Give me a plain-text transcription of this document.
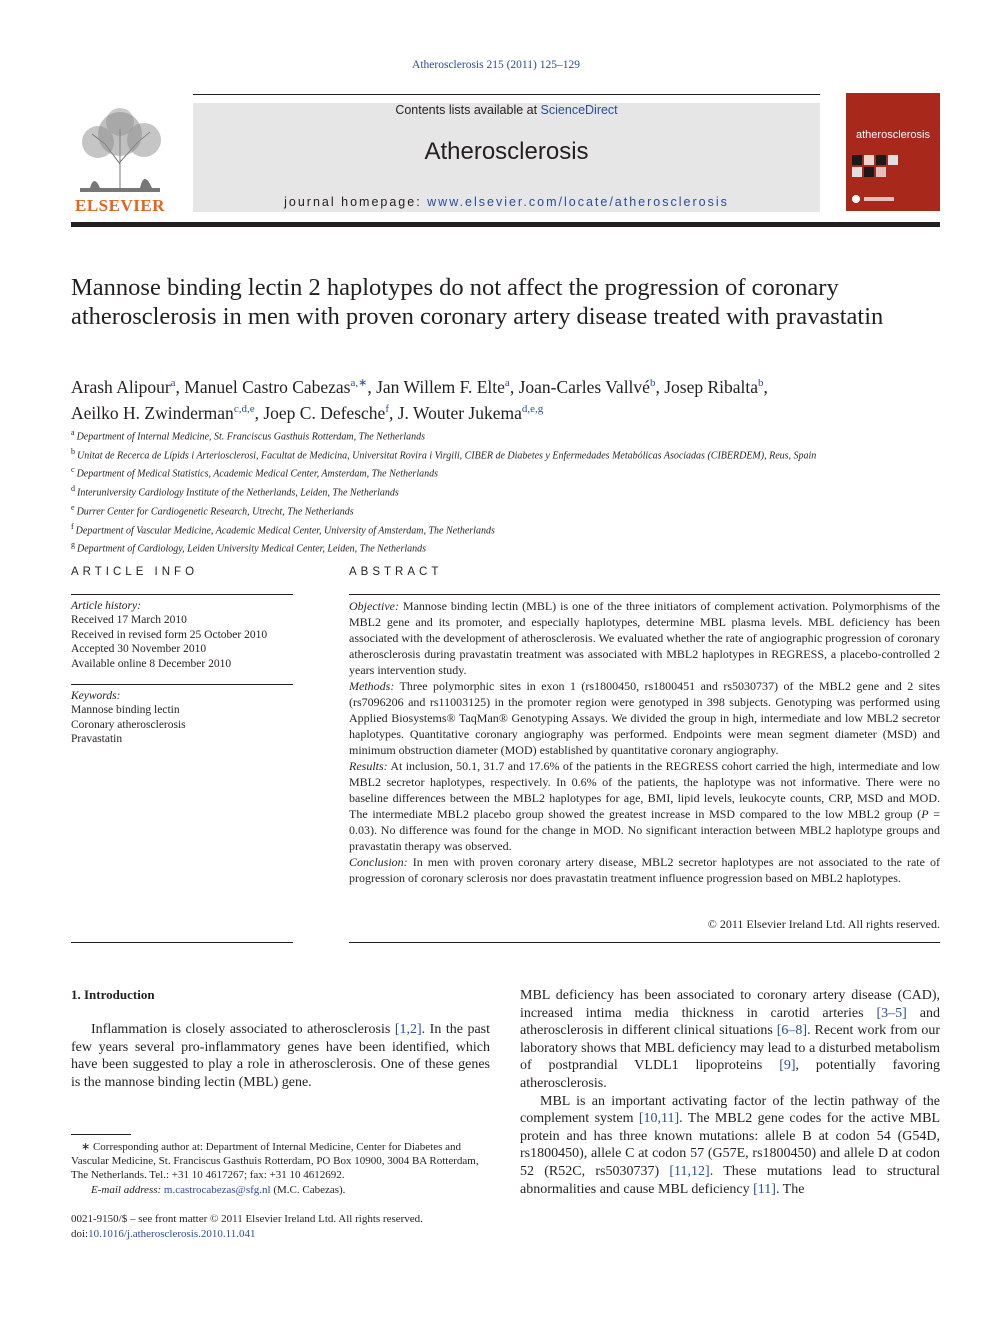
Atherosclerosis 215 (2011) 125–129
ELSEVIER
Contents lists available at ScienceDirect
Atherosclerosis
journal homepage: www.elsevier.com/locate/atherosclerosis
atherosclerosis
Mannose binding lectin 2 haplotypes do not affect the progression of coronary atherosclerosis in men with proven coronary artery disease treated with pravastatin
Arash Alipour$^a$, Manuel Castro Cabezas$^{a,∗}$, Jan Willem F. Elte$^a$, Joan-Carles Vallvé$^b$, Josep Ribalta$^b$,
Aeilko H. Zwinderman$^{c,d,e}$, Joep C. Defesche$^f$, J. Wouter Jukema$^{d,e,g}$
$^a$ Department of Internal Medicine, St. Franciscus Gasthuis Rotterdam, The Netherlands
$^b$ Unitat de Recerca de Lípids i Arteriosclerosi, Facultat de Medicina, Universitat Rovira i Virgili, CIBER de Diabetes y Enfermedades Metabólicas Asociadas (CIBERDEM), Reus, Spain
$^c$ Department of Medical Statistics, Academic Medical Center, Amsterdam, The Netherlands
$^d$ Interuniversity Cardiology Institute of the Netherlands, Leiden, The Netherlands
$^e$ Durrer Center for Cardiogenetic Research, Utrecht, The Netherlands
$^f$ Department of Vascular Medicine, Academic Medical Center, University of Amsterdam, The Netherlands
$^g$ Department of Cardiology, Leiden University Medical Center, Leiden, The Netherlands
ARTICLE INFO
Article history:
Received 17 March 2010
Received in revised form 25 October 2010
Accepted 30 November 2010
Available online 8 December 2010
Keywords:
Mannose binding lectin
Coronary atherosclerosis
Pravastatin
ABSTRACT

Objective: Mannose binding lectin (MBL) is one of the three initiators of complement activation. Polymorphisms of the MBL2 gene and its promoter, and especially haplotypes, determine MBL plasma levels. MBL deficiency has been associated with the development of atherosclerosis. We evaluated whether the rate of angiographic progression of coronary atherosclerosis during pravastatin treatment was associated with MBL2 haplotypes in REGRESS, a placebo-controlled 2 years intervention study.

Methods: Three polymorphic sites in exon 1 (rs1800450, rs1800451 and rs5030737) of the MBL2 gene and 2 sites (rs7096206 and rs11003125) in the promoter region were genotyped in 398 subjects. Genotyping was performed using Applied Biosystems® TaqMan® Genotyping Assays. We divided the group in high, intermediate and low MBL2 secretor haplotypes. Quantitative coronary angiography was performed. Endpoints were mean segment diameter (MSD) and minimum obstruction diameter (MOD) established by quantitative coronary angiography.

Results: At inclusion, 50.1, 31.7 and 17.6% of the patients in the REGRESS cohort carried the high, intermediate and low MBL2 secretor haplotypes, respectively. In 0.6% of the patients, the haplotype was not informative. There were no baseline differences between the MBL2 haplotypes for age, BMI, lipid levels, leukocyte counts, CRP, MSD and MOD. The intermediate MBL2 placebo group showed the greatest increase in MSD compared to the low MBL2 group (P = 0.03). No difference was found for the change in MOD. No significant interaction between MBL2 haplotype groups and pravastatin therapy was observed.

Conclusion: In men with proven coronary artery disease, MBL2 secretor haplotypes are not associated to the rate of progression of coronary sclerosis nor does pravastatin treatment influence progression based on MBL2 haplotypes.

© 2011 Elsevier Ireland Ltd. All rights reserved.
1. Introduction

Inflammation is closely associated to atherosclerosis [1,2]. In the past few years several pro-inflammatory genes have been identified, which have been suggested to play a role in atherosclerosis. One of these genes is the mannose binding lectin (MBL) gene.

MBL deficiency has been associated to coronary artery disease (CAD), increased intima media thickness in carotid arteries [3–5] and atherosclerosis in different clinical situations [6–8]. Recent work from our laboratory shows that MBL deficiency may lead to a disturbed metabolism of postprandial VLDL1 lipoproteins [9], potentially favoring atherosclerosis.

MBL is an important activating factor of the lectin pathway of the complement system [10,11]. The MBL2 gene codes for the active MBL protein and has three known mutations: allele B at codon 54 (G54D, rs1800450), allele C at codon 57 (G57E, rs1800450) and allele D at codon 52 (R52C, rs5030737) [11,12]. These mutations lead to structural abnormalities and cause MBL deficiency [11]. The

∗ Corresponding author at: Department of Internal Medicine, Center for Diabetes and Vascular Medicine, St. Franciscus Gasthuis Rotterdam, PO Box 10900, 3004 BA Rotterdam, The Netherlands. Tel.: +31 10 4617267; fax: +31 10 4612692.
E-mail address: m.castrocabezas@sfg.nl (M.C. Cabezas).
0021-9150/$ – see front matter © 2011 Elsevier Ireland Ltd. All rights reserved.
doi:10.1016/j.atherosclerosis.2010.11.041
